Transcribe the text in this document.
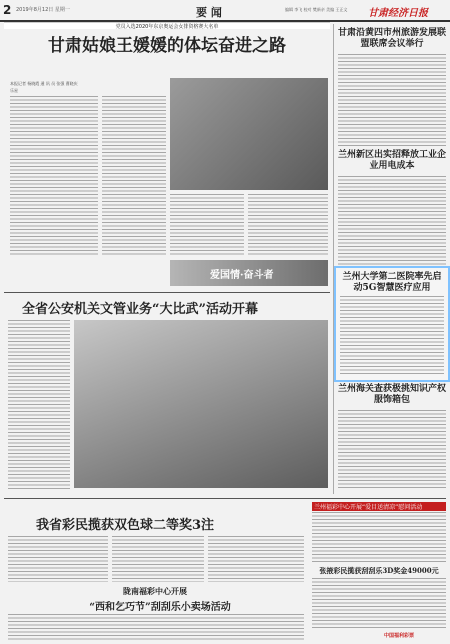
2 2019年8月12日 星期一	要 闻	编辑 李飞 校对 樊新亲 美编 王正文 甘肃经济日报
党员入选2020年东京奥运会女排资格赛大名单
甘肃姑娘王媛媛的体坛奋进之路
本报记者 杨晓霞 通 讯 员 张强 曹晓庆 乐星
爱国情·奋斗者
全省公安机关文管业务“大比武”活动开幕
甘肃沿黄四市州旅游发展联盟联席会议举行
兰州新区出实招释放工业企业用电成本
兰州大学第二医院率先启动5G智慧医疗应用
兰州海关查获极挑知识产权服饰箱包
我省彩民揽获双色球二等奖3注
陇南福彩中心开展
“西和乞巧节”刮刮乐小卖场活动
兰州福彩中心开展“爱目送清凉”慰问活动
张掖彩民揽获刮刮乐3D奖金49000元
中国福利彩票
